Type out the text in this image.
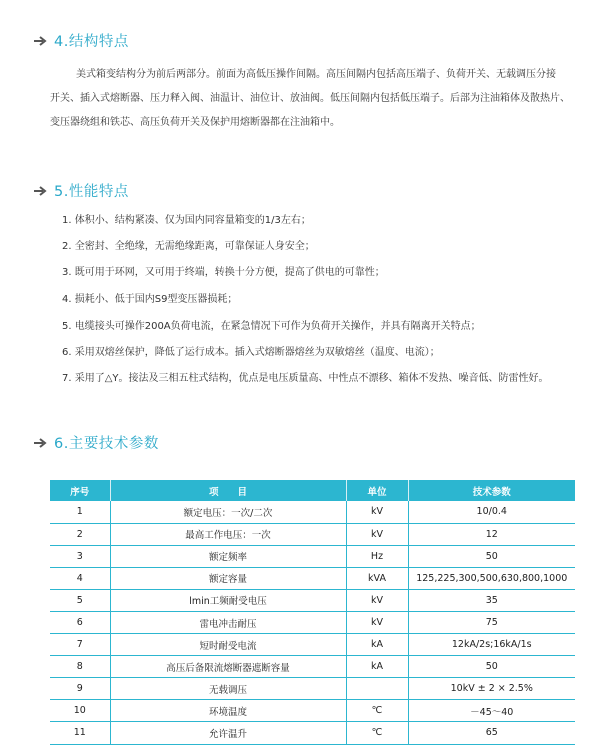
4.结构特点
美式箱变结构分为前后两部分。前面为高低压操作间隔。高压间隔内包括高压端子、负荷开关、无载调压分接
开关、插入式熔断器、压力释入阀、油温计、油位计、放油阀。低压间隔内包括低压端子。后部为注油箱体及散热片、
变压器绕组和铁芯、高压负荷开关及保护用熔断器都在注油箱中。
5.性能特点
1. 体积小、结构紧凑、仅为国内同容量箱变的1/3左右；
2. 全密封、全绝缘，无需绝缘距离，可靠保证人身安全；
3. 既可用于环网，又可用于终端，转换十分方便，提高了供电的可靠性；
4. 损耗小、低于国内S9型变压器损耗；
5. 电缆接头可操作200A负荷电流，在紧急情况下可作为负荷开关操作，并具有隔离开关特点；
6. 采用双熔丝保护，降低了运行成本。插入式熔断器熔丝为双敏熔丝（温度、电流）；
7. 采用了△Y。接法及三相五柱式结构，优点是电压质量高、中性点不漂移、箱体不发热、噪音低、防雷性好。
6.主要技术参数
序号	项　　目	单位	技术参数
1	额定电压：一次/二次	kV	10/0.4
2	最高工作电压：一次	kV	12
3	额定频率	Hz	50
4	额定容量	kVA	125,225,300,500,630,800,1000
5	lmin工频耐受电压	kV	35
6	雷电冲击耐压	kV	75
7	短时耐受电流	kA	12kA/2s;16kA/1s
8	高压后备限流熔断器遮断容量	kA	50
9	无载调压		10kV ± 2 × 2.5%
10	环境温度	℃	－45～40
11	允许温升	℃	65
